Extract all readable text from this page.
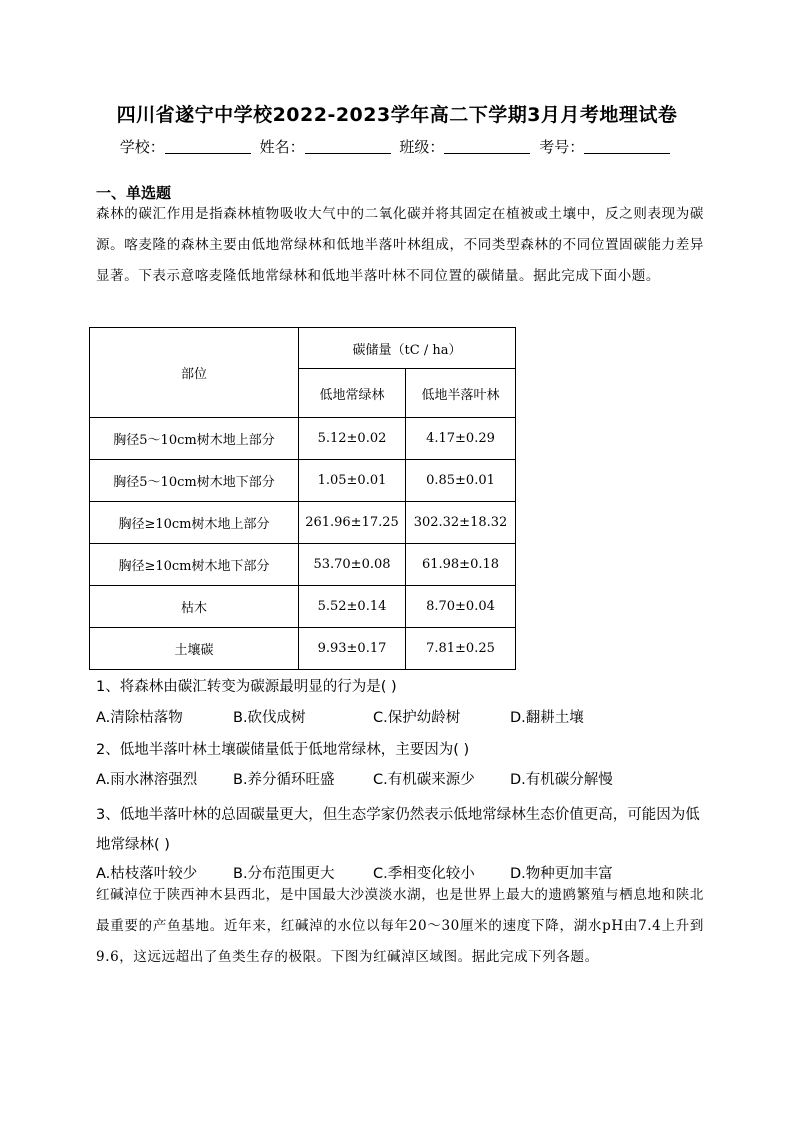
四川省遂宁中学校2022-2023学年高二下学期3月月考地理试卷
学校：	姓名：	班级：	考号：
一、单选题
森林的碳汇作用是指森林植物吸收大气中的二氧化碳并将其固定在植被或土壤中，反之则表现为碳源。喀麦隆的森林主要由低地常绿林和低地半落叶林组成，不同类型森林的不同位置固碳能力差异显著。下表示意喀麦隆低地常绿林和低地半落叶林不同位置的碳储量。据此完成下面小题。
部位	碳储量（tC / ha）	
	低地常绿林	低地半落叶林
胸径5～10cm树木地上部分	5.12±0.02	4.17±0.29
胸径5～10cm树木地下部分	1.05±0.01	0.85±0.01
胸径≥10cm树木地上部分	261.96±17.25	302.32±18.32
胸径≥10cm树木地下部分	53.70±0.08	61.98±0.18
枯木	5.52±0.14	8.70±0.04
土壤碳	9.93±0.17	7.81±0.25
1、将森林由碳汇转变为碳源最明显的行为是( )
A.清除枯落物	B.砍伐成树	C.保护幼龄树	D.翻耕土壤
2、低地半落叶林土壤碳储量低于低地常绿林，主要因为( )
A.雨水淋溶强烈 B.养分循环旺盛	C.有机碳来源少 D.有机碳分解慢
3、低地半落叶林的总固碳量更大，但生态学家仍然表示低地常绿林生态价值更高，可能因为低地常绿林( )
A.枯枝落叶较少 B.分布范围更大	C.季相变化较小 D.物种更加丰富
红碱淖位于陕西神木县西北，是中国最大沙漠淡水湖，也是世界上最大的遗鸥繁殖与栖息地和陕北最重要的产鱼基地。近年来，红碱淖的水位以每年20～30厘米的速度下降，湖水pH由7.4上升到9.6，这远远超出了鱼类生存的极限。下图为红碱淖区域图。据此完成下列各题。
